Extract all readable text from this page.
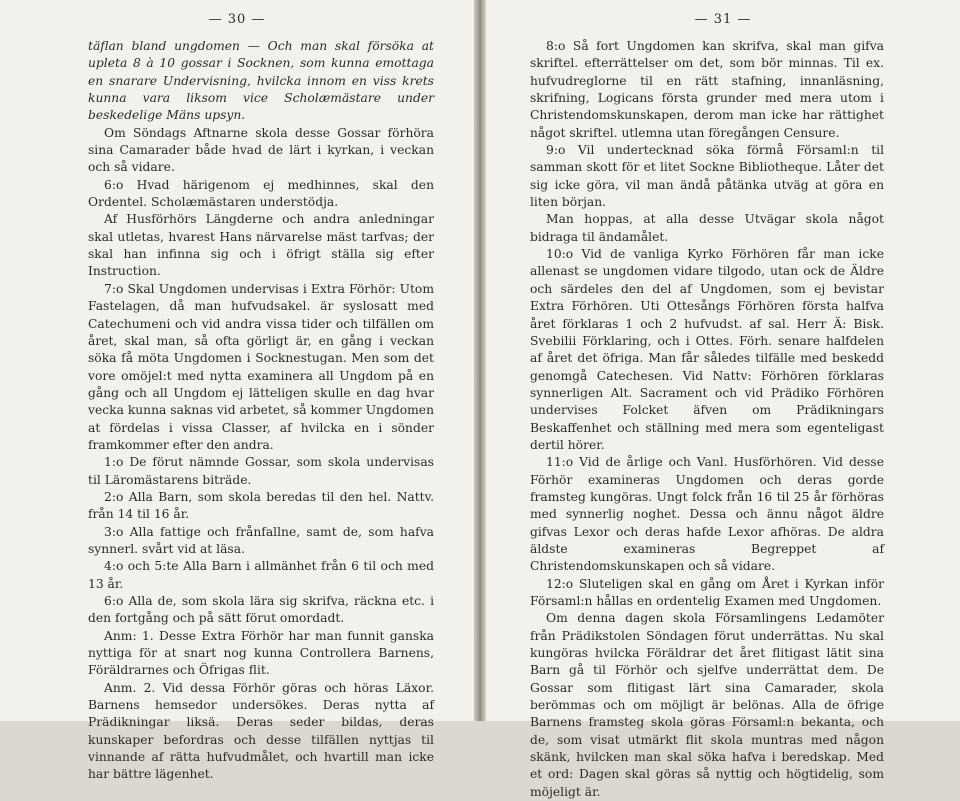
— 30 —

täflan bland ungdomen — Och man skal försöka at upleta 8 à 10 gossar i Socknen, som kunna emottaga en snarare Undervisning, hvilcka innom en viss krets kunna vara liksom vice Scholæmästare under beskedelige Mäns upsyn.

Om Söndags Aftnarne skola desse Gossar förhöra sina Camarader både hvad de lärt i kyrkan, i veckan och så vidare.

6:o Hvad härigenom ej medhinnes, skal den Ordentel. Scholæmästaren understödja.

Af Husförhörs Längderne och andra anledningar skal utletas, hvarest Hans närvarelse mäst tarfvas; der skal han infinna sig och i öfrigt ställa sig efter Instruction.

7:o Skal Ungdomen undervisas i Extra Förhör: Utom Fastelagen, då man hufvudsakel. är syslosatt med Catechumeni och vid andra vissa tider och tilfällen om året, skal man, så ofta görligt är, en gång i veckan söka få möta Ungdomen i Socknestugan. Men som det vore omöjel:t med nytta examinera all Ungdom på en gång och all Ungdom ej lätteligen skulle en dag hvar vecka kunna saknas vid arbetet, så kommer Ungdomen at fördelas i vissa Classer, af hvilcka en i sönder framkommer efter den andra.

1:o De förut nämnde Gossar, som skola undervisas til Läromästarens biträde.

2:o Alla Barn, som skola beredas til den hel. Nattv. från 14 til 16 år.

3:o Alla fattige och frånfallne, samt de, som hafva synnerl. svårt vid at läsa.

4:o och 5:te Alla Barn i allmänhet från 6 til och med 13 år.

6:o Alla de, som skola lära sig skrifva, räckna etc. i den fortgång och på sätt förut omordadt.

Anm: 1. Desse Extra Förhör har man funnit ganska nyttiga för at snart nog kunna Controllera Barnens, Föräldrarnes och Öfrigas flit.

Anm. 2. Vid dessa Förhör göras och höras Läxor. Barnens hemsedor undersökes. Deras nytta af Prädikningar liksä. Deras seder bildas, deras kunskaper befordras och desse tilfällen nyttjas til vinnande af rätta hufvudmålet, och hvartill man icke har bättre lägenhet.

— 31 —

8:o Så fort Ungdomen kan skrifva, skal man gifva skriftel. efterrättelser om det, som bör minnas. Til ex. hufvudreglorne til en rätt stafning, innanläsning, skrifning, Logicans första grunder med mera utom i Christendomskunskapen, derom man icke har rättighet något skriftel. utlemna utan föregången Censure.

9:o Vil undertecknad söka förmå Församl:n til samman skott för et litet Sockne Bibliotheque. Låter det sig icke göra, vil man ändå påtänka utväg at göra en liten början.

Man hoppas, at alla desse Utvägar skola något bidraga til ändamålet.

10:o Vid de vanliga Kyrko Förhören får man icke allenast se ungdomen vidare tilgodo, utan ock de Äldre och särdeles den del af Ungdomen, som ej bevistar Extra Förhören. Uti Ottesångs Förhören första halfva året förklaras 1 och 2 hufvudst. af sal. Herr Ä: Bisk. Svebilii Förklaring, och i Ottes. Förh. senare halfdelen af året det öfriga. Man får således tilfälle med beskedd genomgå Catechesen. Vid Nattv: Förhören förklaras synnerligen Alt. Sacrament och vid Prädiko Förhören undervises Folcket äfven om Prädikningars Beskaffenhet och ställning med mera som egenteligast dertil hörer.

11:o Vid de årlige och Vanl. Husförhören. Vid desse Förhör examineras Ungdomen och deras gorde framsteg kungöras. Ungt folck från 16 til 25 år förhöras med synnerlig noghet. Dessa och ännu något äldre gifvas Lexor och deras hafde Lexor afhöras. De aldra äldste examineras Begreppet af Christendomskunskapen och så vidare.

12:o Sluteligen skal en gång om Året i Kyrkan inför Församl:n hållas en ordentelig Examen med Ungdomen.

Om denna dagen skola Församlingens Ledamöter från Prädikstolen Söndagen förut underrättas. Nu skal kungöras hvilcka Föräldrar det året flitigast lätit sina Barn gå til Förhör och sjelfve underrättat dem. De Gossar som flitigast lärt sina Camarader, skola berömmas och om möjligt är belönas. Alla de öfrige Barnens framsteg skola göras Församl:n bekanta, och de, som visat utmärkt flit skola muntras med någon skänk, hvilcken man skal söka hafva i beredskap. Med et ord: Dagen skal göras så nyttig och högtidelig, som möjeligt är.
